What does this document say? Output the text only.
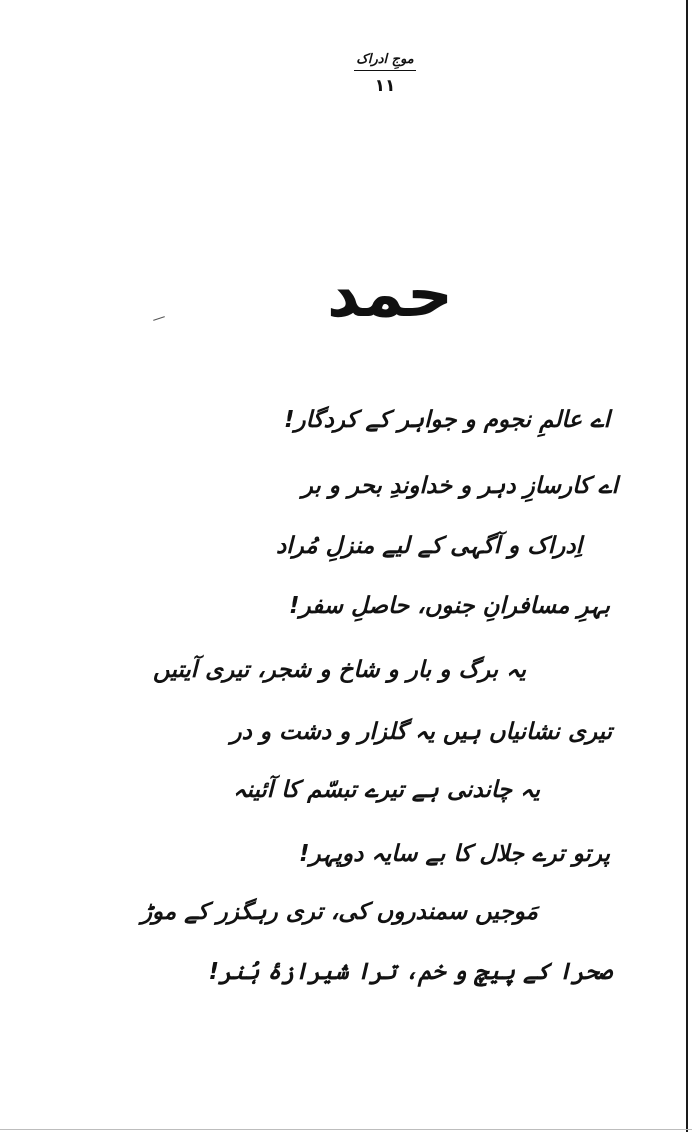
موجِ ادراک
۱۱
حمد
اے عالمِ نجوم و جواہر کے کردگار!
اے کارسازِ دہر و خداوندِ بحر و بر
اِدراک و آگہی کے لیے منزلِ مُراد
بہرِ مسافرانِ جنوں، حاصلِ سفر!
یہ برگ و بار و شاخ و شجر، تیری آیتیں
تیری نشانیاں ہیں یہ گلزار و دشت و در
یہ چاندنی ہے تیرے تبسّم کا آئینہ
پرتو ترے جلال کا بے سایہ دوپہر!
مَوجیں سمندروں کی، تری رہگزر کے موڑ
صحرا کے پیچ و خم، ترا شیرازۂ ہُنر!
